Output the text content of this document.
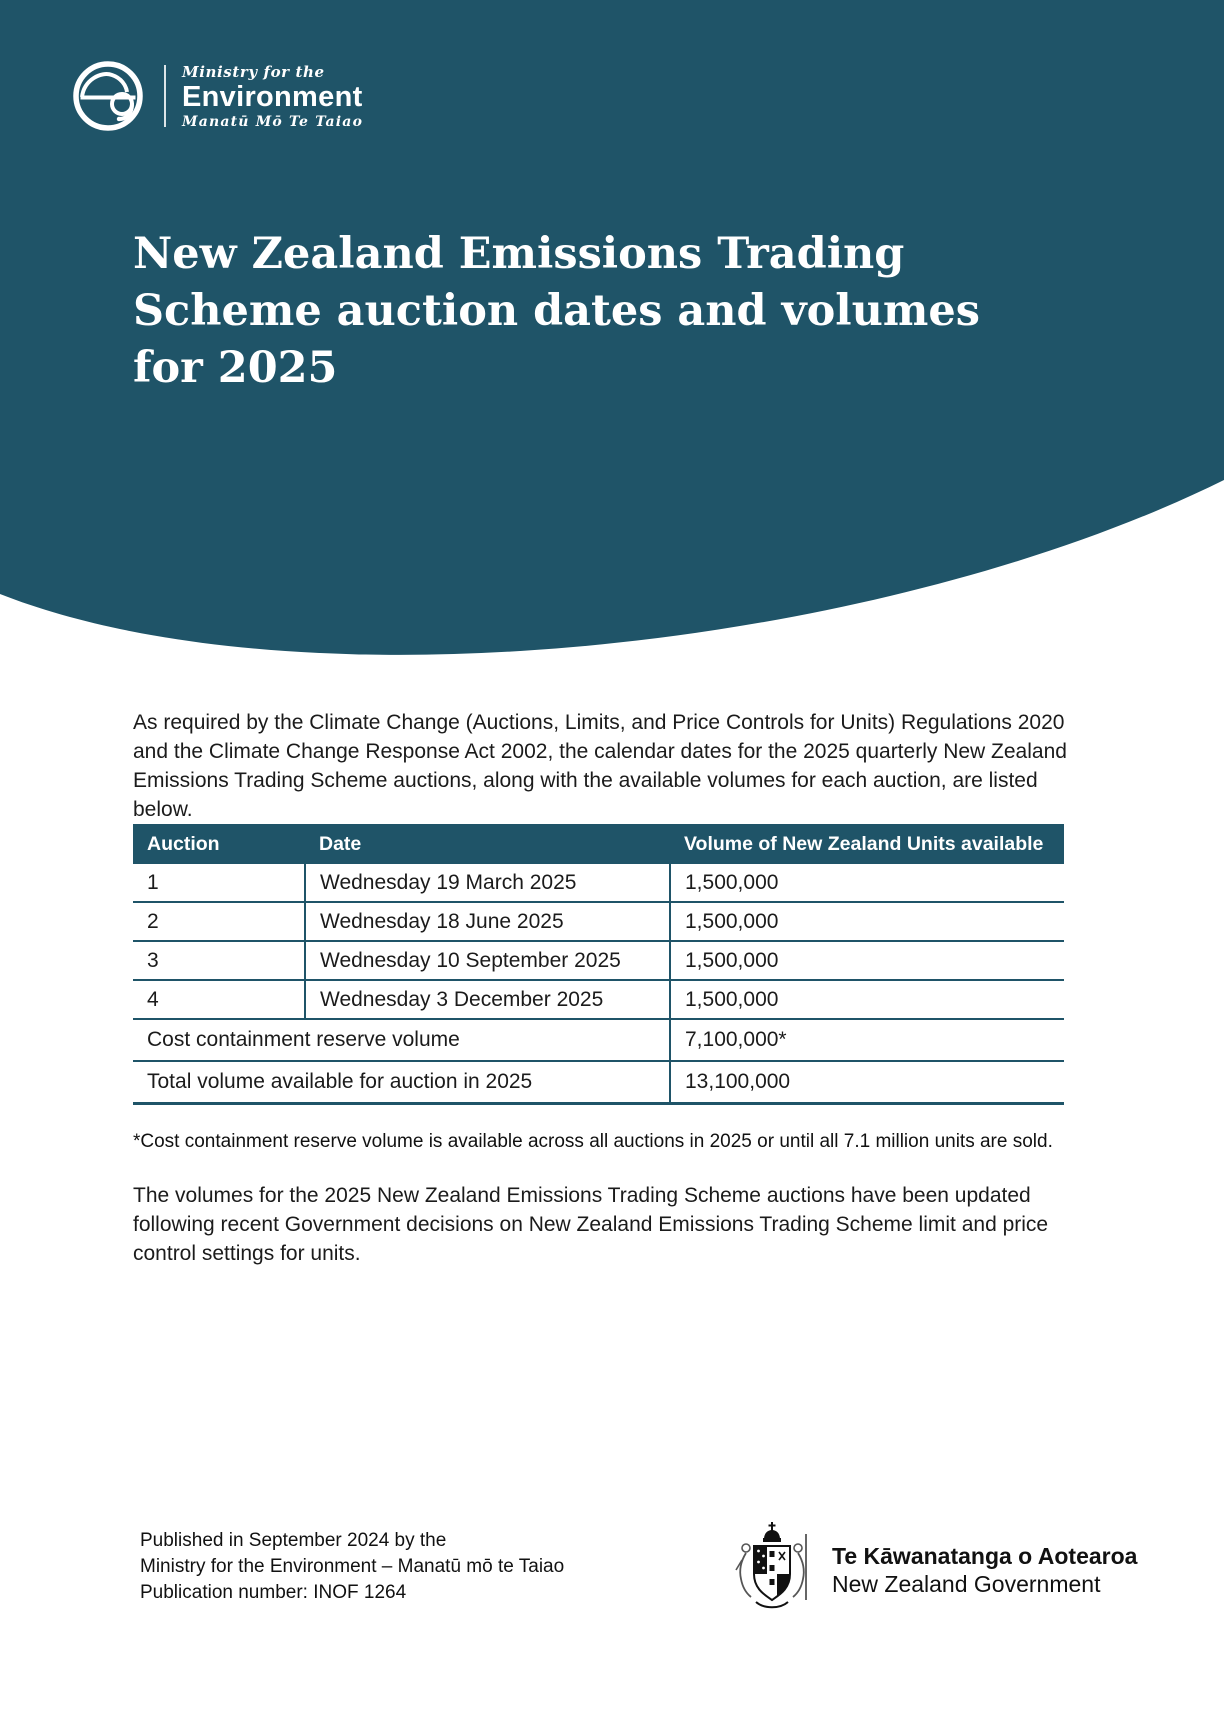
Ministry for the
Environment
Manatū Mō Te Taiao
New Zealand Emissions Trading
Scheme auction dates and volumes
for 2025

As required by the Climate Change (Auctions, Limits, and Price Controls for Units) Regulations 2020 and the Climate Change Response Act 2002, the calendar dates for the 2025 quarterly New Zealand Emissions Trading Scheme auctions, along with the available volumes for each auction, are listed below.

Auction	Date	Volume of New Zealand Units available
1	Wednesday 19 March 2025	1,500,000
2	Wednesday 18 June 2025	1,500,000
3	Wednesday 10 September 2025	1,500,000
4	Wednesday 3 December 2025	1,500,000
Cost containment reserve volume		7,100,000*
Total volume available for auction in 2025		13,100,000

*Cost containment reserve volume is available across all auctions in 2025 or until all 7.1 million units are sold.

The volumes for the 2025 New Zealand Emissions Trading Scheme auctions have been updated following recent Government decisions on New Zealand Emissions Trading Scheme limit and price control settings for units.

Published in September 2024 by the
Ministry for the Environment – Manatū mō te Taiao
Publication number: INOF 1264
Te Kāwanatanga o Aotearoa
New Zealand Government
